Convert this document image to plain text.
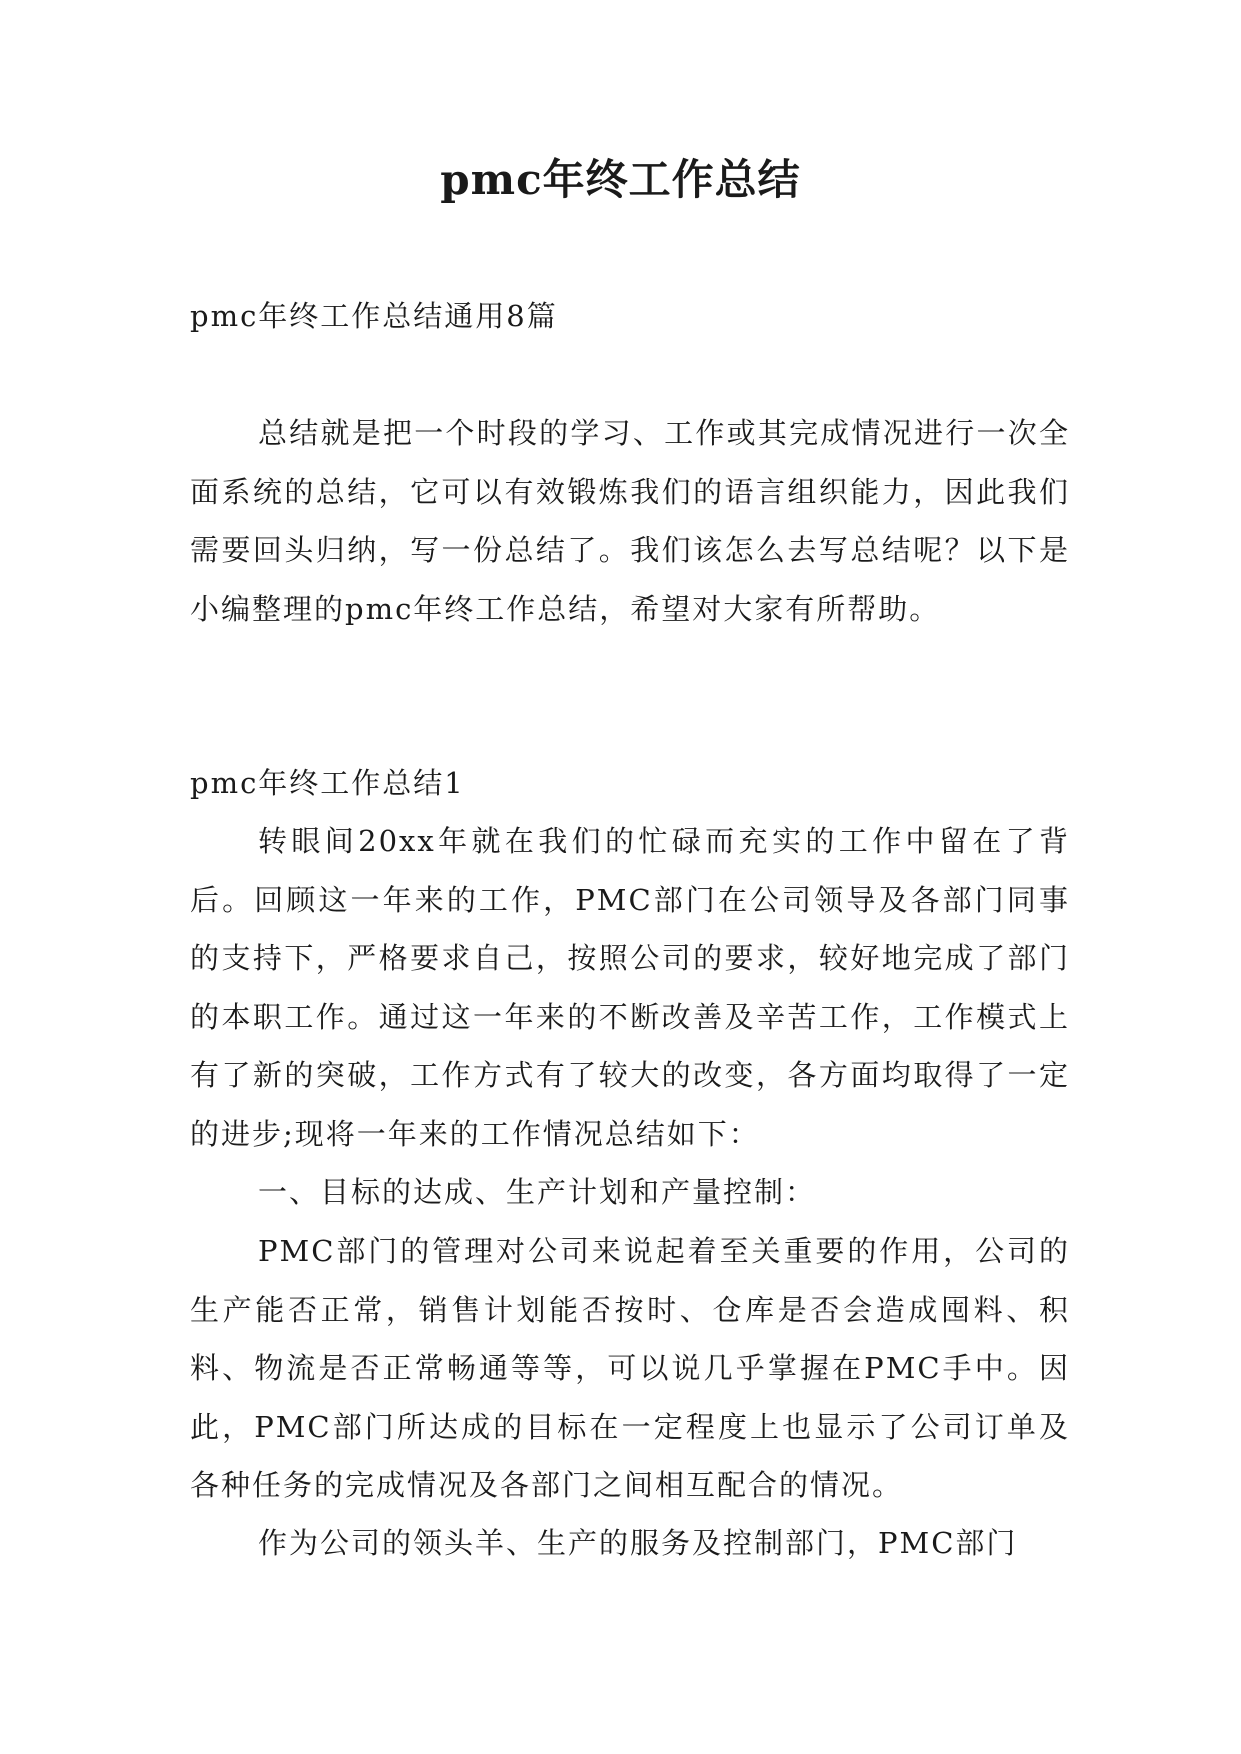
pmc年终工作总结

pmc年终工作总结通用8篇

总结就是把一个时段的学习、工作或其完成情况进行一次全面系统的总结，它可以有效锻炼我们的语言组织能力，因此我们需要回头归纳，写一份总结了。我们该怎么去写总结呢？以下是小编整理的pmc年终工作总结，希望对大家有所帮助。

pmc年终工作总结1

转眼间20xx年就在我们的忙碌而充实的工作中留在了背后。回顾这一年来的工作，PMC部门在公司领导及各部门同事的支持下，严格要求自己，按照公司的要求，较好地完成了部门的本职工作。通过这一年来的不断改善及辛苦工作，工作模式上有了新的突破，工作方式有了较大的改变，各方面均取得了一定的进步;现将一年来的工作情况总结如下：

一、目标的达成、生产计划和产量控制：

PMC部门的管理对公司来说起着至关重要的作用，公司的生产能否正常，销售计划能否按时、仓库是否会造成囤料、积料、物流是否正常畅通等等，可以说几乎掌握在PMC手中。因此，PMC部门所达成的目标在一定程度上也显示了公司订单及各种任务的完成情况及各部门之间相互配合的情况。

作为公司的领头羊、生产的服务及控制部门，PMC部门
